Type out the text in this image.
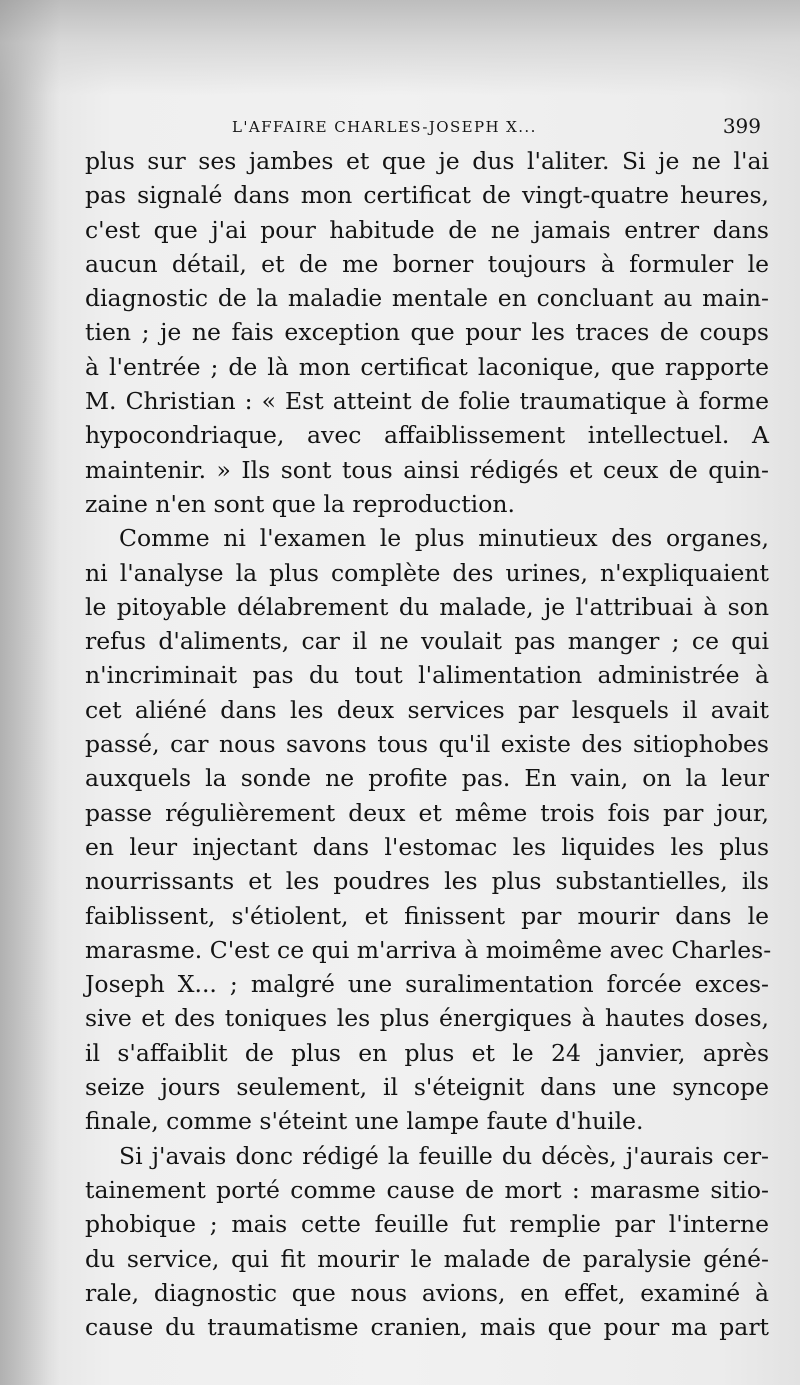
L'AFFAIRE CHARLES-JOSEPH X...	399
plus sur ses jambes et que je dus l'aliter. Si je ne l'ai
pas signalé dans mon certificat de vingt-quatre heures,
c'est que j'ai pour habitude de ne jamais entrer dans
aucun détail, et de me borner toujours à formuler le
diagnostic de la maladie mentale en concluant au main-
tien ; je ne fais exception que pour les traces de coups
à l'entrée ; de là mon certificat laconique, que rapporte
M. Christian : « Est atteint de folie traumatique à forme
hypocondriaque, avec affaiblissement intellectuel. A
maintenir. » Ils sont tous ainsi rédigés et ceux de quin-
zaine n'en sont que la reproduction.
Comme ni l'examen le plus minutieux des organes,
ni l'analyse la plus complète des urines, n'expliquaient
le pitoyable délabrement du malade, je l'attribuai à son
refus d'aliments, car il ne voulait pas manger ; ce qui
n'incriminait pas du tout l'alimentation administrée à
cet aliéné dans les deux services par lesquels il avait
passé, car nous savons tous qu'il existe des sitiophobes
auxquels la sonde ne profite pas. En vain, on la leur
passe régulièrement deux et même trois fois par jour,
en leur injectant dans l'estomac les liquides les plus
nourrissants et les poudres les plus substantielles, ils
faiblissent, s'étiolent, et finissent par mourir dans le
marasme. C'est ce qui m'arriva à moimême avec Charles-
Joseph X... ; malgré une suralimentation forcée exces-
sive et des toniques les plus énergiques à hautes doses,
il s'affaiblit de plus en plus et le 24 janvier, après
seize jours seulement, il s'éteignit dans une syncope
finale, comme s'éteint une lampe faute d'huile.
Si j'avais donc rédigé la feuille du décès, j'aurais cer-
tainement porté comme cause de mort : marasme sitio-
phobique ; mais cette feuille fut remplie par l'interne
du service, qui fit mourir le malade de paralysie géné-
rale, diagnostic que nous avions, en effet, examiné à
cause du traumatisme cranien, mais que pour ma part
